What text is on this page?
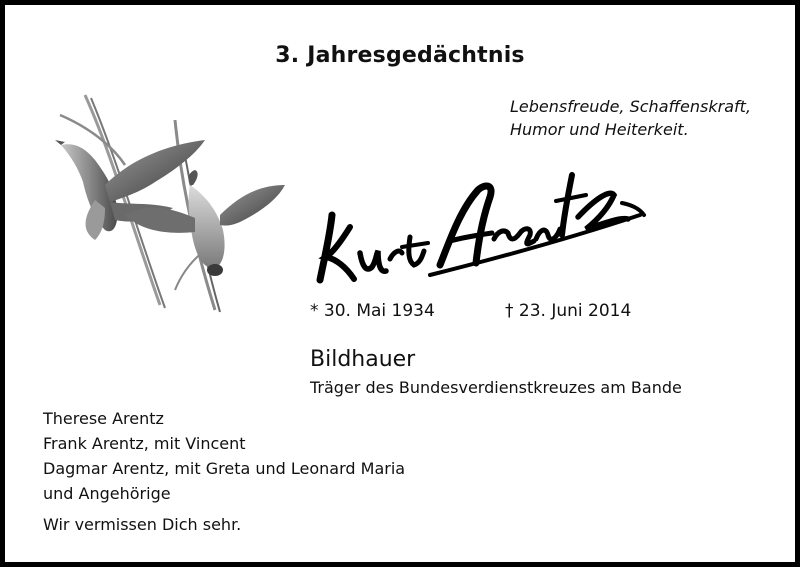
3. Jahresgedächtnis
Lebensfreude, Schaffenskraft,
Humor und Heiterkeit.
* 30. Mai 1934	† 23. Juni 2014
Bildhauer
Träger des Bundesverdienstkreuzes am Bande
Therese Arentz
Frank Arentz, mit Vincent
Dagmar Arentz, mit Greta und Leonard Maria
und Angehörige
Wir vermissen Dich sehr.
